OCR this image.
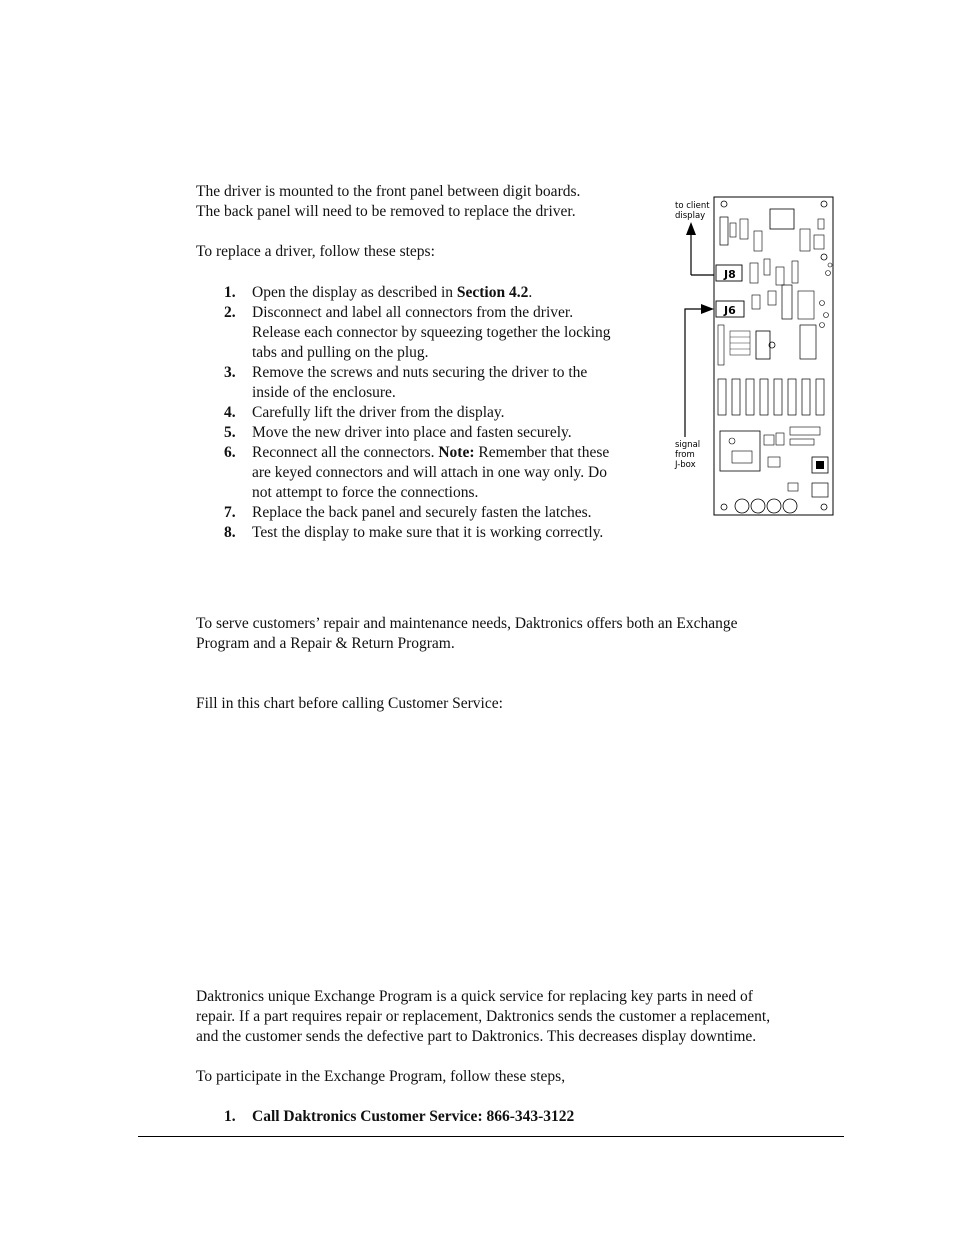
The driver is mounted to the front panel between digit boards.
The back panel will need to be removed to replace the driver.

To replace a driver, follow these steps:

1. Open the display as described in Section 4.2.
2. Disconnect and label all connectors from the driver.
Release each connector by squeezing together the locking
tabs and pulling on the plug.
3. Remove the screws and nuts securing the driver to the
inside of the enclosure.
4. Carefully lift the driver from the display.
5. Move the new driver into place and fasten securely.
6. Reconnect all the connectors. Note: Remember that these
are keyed connectors and will attach in one way only. Do
not attempt to force the connections.
7. Replace the back panel and securely fasten the latches.
8. Test the display to make sure that it is working correctly.
to client
display
signal
from
J-box
J8
J6

To serve customers’ repair and maintenance needs, Daktronics offers both an Exchange
Program and a Repair & Return Program.

Fill in this chart before calling Customer Service:

Daktronics unique Exchange Program is a quick service for replacing key parts in need of
repair. If a part requires repair or replacement, Daktronics sends the customer a replacement,
and the customer sends the defective part to Daktronics. This decreases display downtime.

To participate in the Exchange Program, follow these steps,

1. Call Daktronics Customer Service: 866-343-3122
